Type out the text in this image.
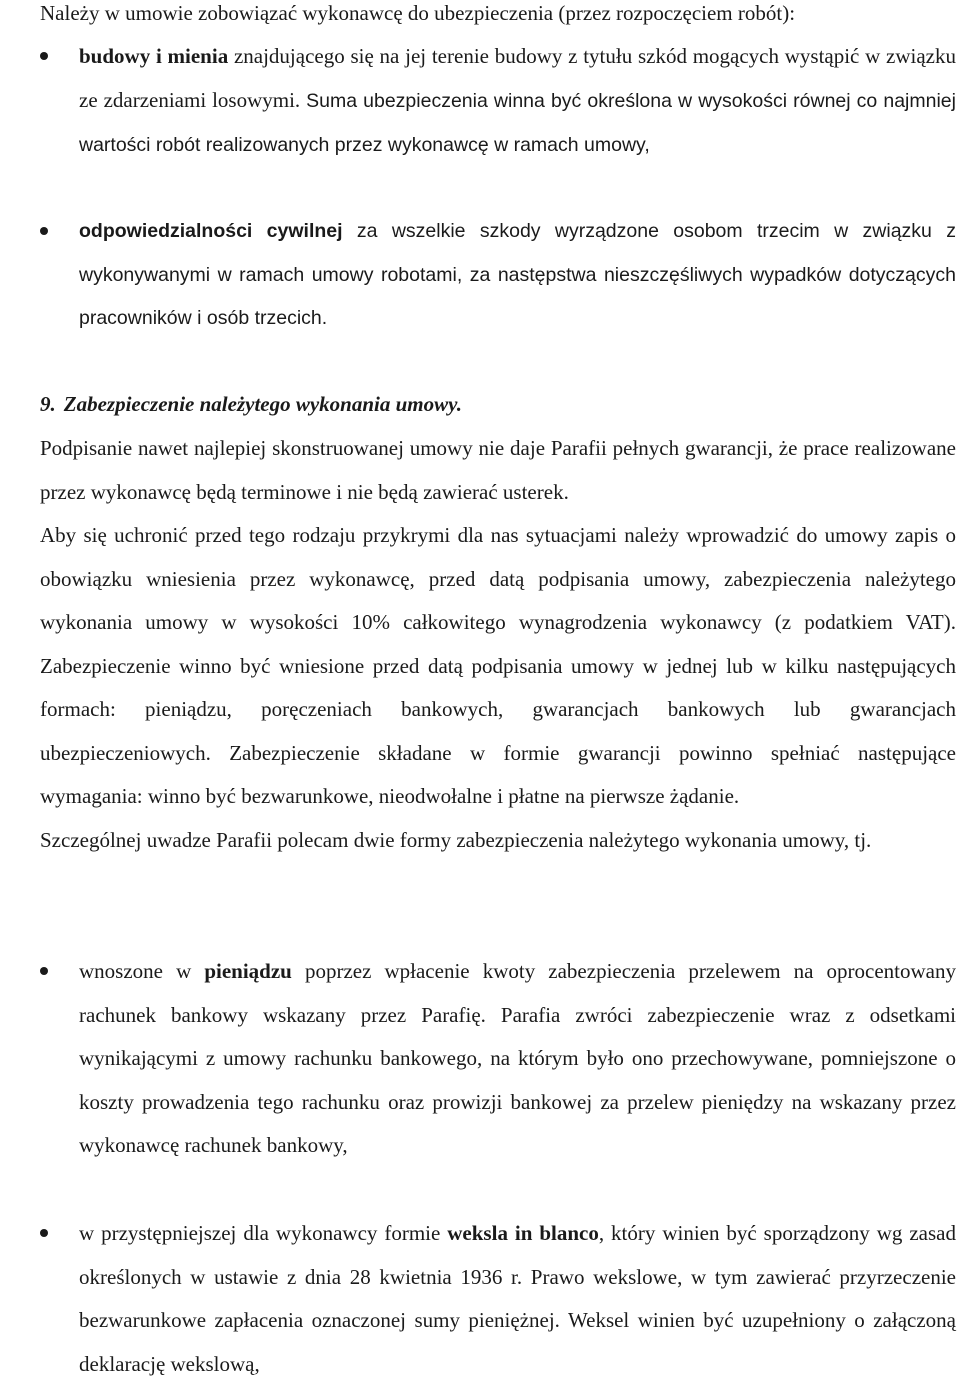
Należy w umowie zobowiązać wykonawcę do ubezpieczenia (przez rozpoczęciem robót):

budowy i mienia znajdującego się na jej terenie budowy z tytułu szkód mogących wystąpić w związku ze zdarzeniami losowymi. Suma ubezpieczenia winna być określona w wysokości równej co najmniej wartości robót realizowanych przez wykonawcę w ramach umowy,
odpowiedzialności cywilnej za wszelkie szkody wyrządzone osobom trzecim w związku z wykonywanymi w ramach umowy robotami, za następstwa nieszczęśliwych wypadków dotyczących pracowników i osób trzecich.
9. Zabezpieczenie należytego wykonania umowy.

Podpisanie nawet najlepiej skonstruowanej umowy nie daje Parafii pełnych gwarancji, że prace realizowane przez wykonawcę będą terminowe i nie będą zawierać usterek.

Aby się uchronić przed tego rodzaju przykrymi dla nas sytuacjami należy wprowadzić do umowy zapis o obowiązku wniesienia przez wykonawcę, przed datą podpisania umowy, zabezpieczenia należytego wykonania umowy w wysokości 10% całkowitego wynagrodzenia wykonawcy (z podatkiem VAT). Zabezpieczenie winno być wniesione przed datą podpisania umowy w jednej lub w kilku następujących formach: pieniądzu, poręczeniach bankowych, gwarancjach bankowych lub gwarancjach ubezpieczeniowych. Zabezpieczenie składane w formie gwarancji powinno spełniać następujące wymagania: winno być bezwarunkowe, nieodwołalne i płatne na pierwsze żądanie.

Szczególnej uwadze Parafii polecam dwie formy zabezpieczenia należytego wykonania umowy, tj.

wnoszone w pieniądzu poprzez wpłacenie kwoty zabezpieczenia przelewem na oprocentowany rachunek bankowy wskazany przez Parafię. Parafia zwróci zabezpieczenie wraz z odsetkami wynikającymi z umowy rachunku bankowego, na którym było ono przechowywane, pomniejszone o koszty prowadzenia tego rachunku oraz prowizji bankowej za przelew pieniędzy na wskazany przez wykonawcę rachunek bankowy,
w przystępniejszej dla wykonawcy formie weksla in blanco, który winien być sporządzony wg zasad określonych w ustawie z dnia 28 kwietnia 1936 r. Prawo wekslowe, w tym zawierać przyrzeczenie bezwarunkowe zapłacenia oznaczonej sumy pieniężnej. Weksel winien być uzupełniony o załączoną deklarację wekslową,
